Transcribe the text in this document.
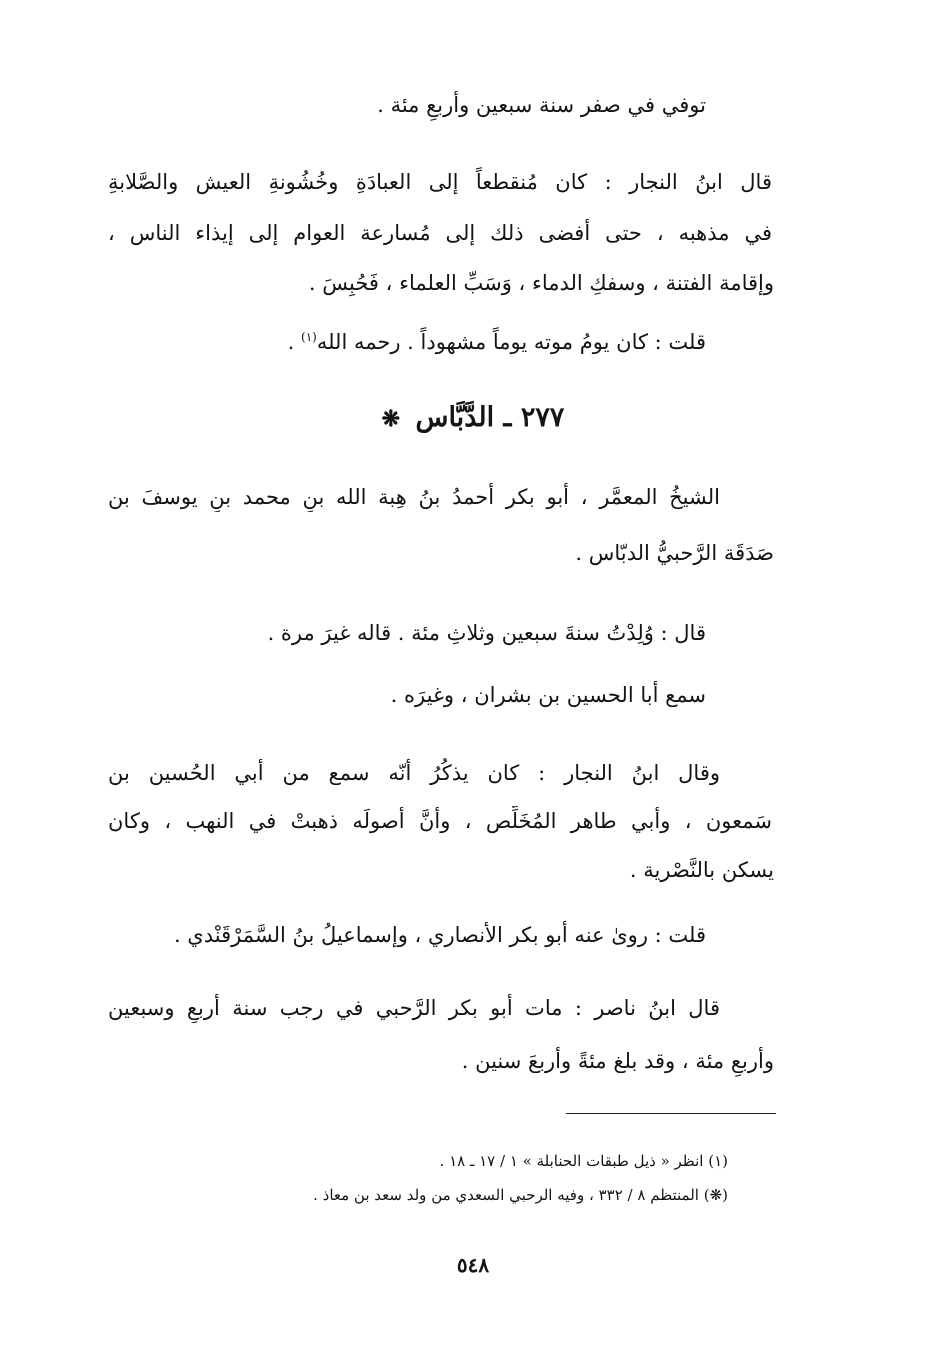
توفي في صفر سنة سبعين وأربعِ مئة .
قال ابنُ النجار : كان مُنقطعاً إلى العبادَةِ وخُشُونةِ العيش والصَّلابةِ
في مذهبه ، حتى أفضى ذلك إلى مُسارعة العوام إلى إيذاء الناس ،
وإقامة الفتنة ، وسفكِ الدماء ، وَسَبِّ العلماء ، فَحُبِسَ .
قلت : كان يومُ موته يوماً مشهوداً . رحمه الله$^{(١)}$ .
٢٧٧ ـ الدَّبَّاس ❋
الشيخُ المعمَّر ، أبو بكر أحمدُ بنُ هِبة الله بنِ محمد بنِ يوسفَ بن
صَدَقَة الرَّحبيُّ الدبّاس .
قال : وُلِدْتُ سنةَ سبعين وثلاثِ مئة . قاله غيرَ مرة .
سمع أبا الحسين بن بشران ، وغيرَه .
وقال ابنُ النجار : كان يذكُرُ أنّه سمع من أبي الحُسين بن
سَمعون ، وأبي طاهر المُخَلِّص ، وأنَّ أصولَه ذهبتْ في النهب ، وكان
يسكن بالنَّصْرية .
قلت : روىٰ عنه أبو بكر الأنصاري ، وإسماعيلُ بنُ السَّمَرْقَنْدي .
قال ابنُ ناصر : مات أبو بكر الرَّحبي في رجب سنة أربعٍ وسبعين
وأربعِ مئة ، وقد بلغ مئةً وأربعَ سنين .
(١) انظر « ذيل طبقات الحنابلة » ١ / ١٧ ـ ١٨ .
(❋) المنتظم ٨ / ٣٣٢ ، وفيه الرحبي السعدي من ولد سعد بن معاذ .
٥٤٨
